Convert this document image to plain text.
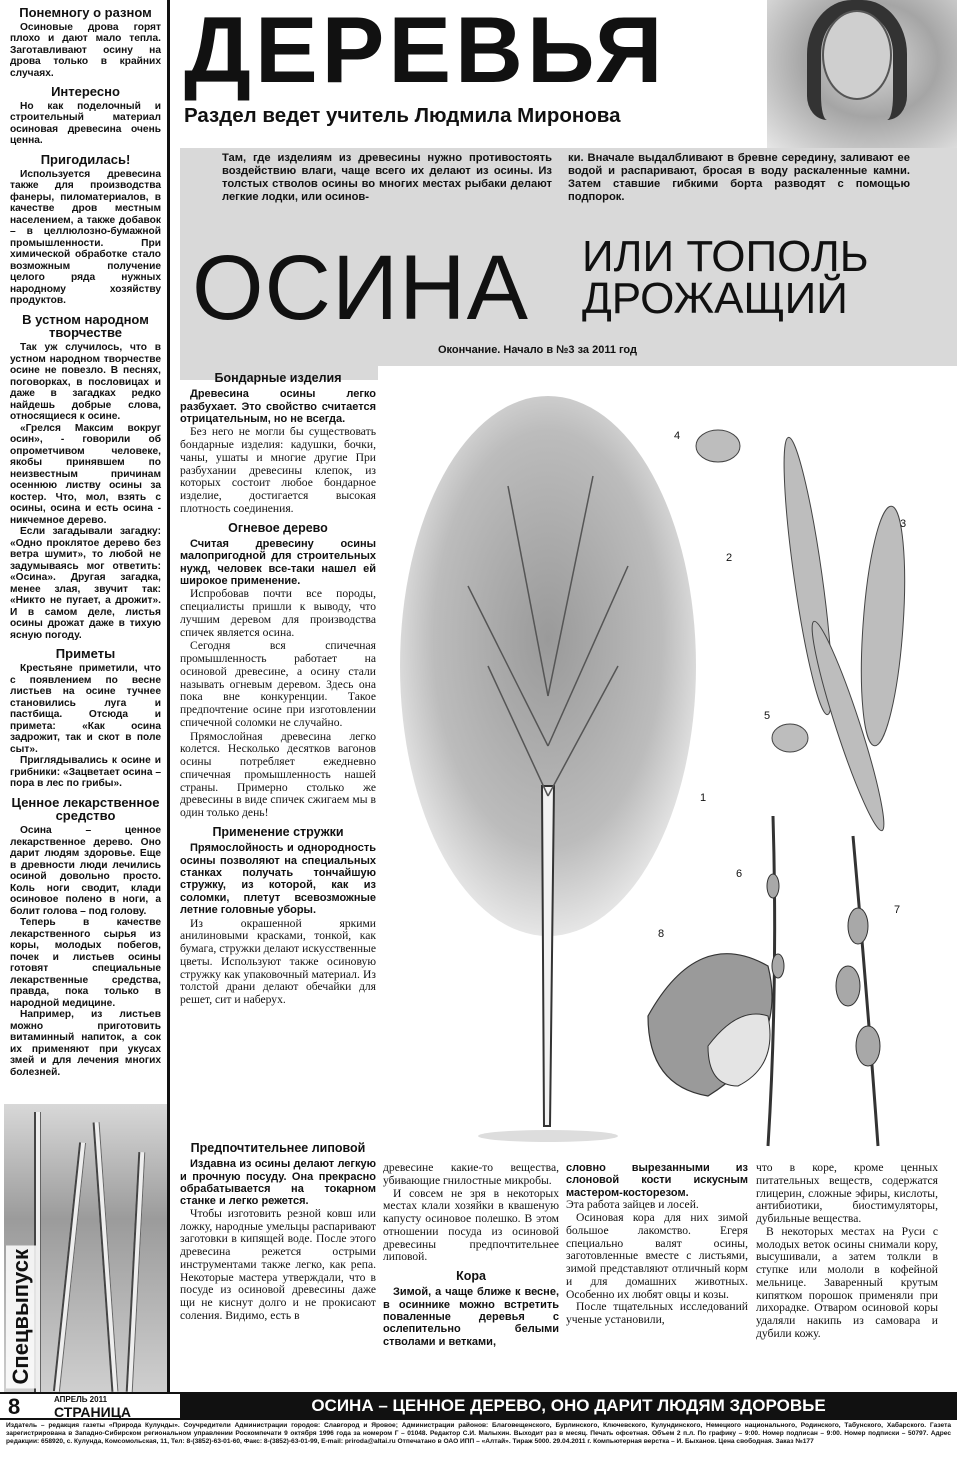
Понемногу о разном
Осиновые дрова горят плохо и дают мало тепла. Заготавливают осину на дрова только в крайних случаях.
Интересно
Но как поделочный и строительный материал осиновая древесина очень ценна.
Пригодилась!
Используется древесина также для производства фанеры, пиломатериалов, в качестве дров местным населением, а также добавок – в целлюлозно-бумажной промышленности. При химической обработке стало возможным получение целого ряда нужных народному хозяйству продуктов.
В устном народном творчестве
Так уж случилось, что в устном народном творчестве осине не повезло. В песнях, поговорках, в пословицах и даже в загадках редко найдешь добрые слова, относящиеся к осине.
«Грелся Максим вокруг осин», - говорили об опрометчивом человеке, якобы принявшем по неизвестным причинам осеннюю листву осины за костер. Что, мол, взять с осины, осина и есть осина - никчемное дерево.
Если загадывали загадку: «Одно проклятое дерево без ветра шумит», то любой не задумываясь мог ответить: «Осина». Другая загадка, менее злая, звучит так: «Никто не пугает, а дрожит». И в самом деле, листья осины дрожат даже в тихую ясную погоду.
Приметы
Крестьяне приметили, что с появлением по весне листьев на осине тучнее становились луга и пастбища. Отсюда и примета: «Как осина задрожит, так и скот в поле сыт».
Приглядывались к осине и грибники: «Зацветает осина – пора в лес по грибы».
Ценное лекарственное средство
Осина – ценное лекарственное дерево. Оно дарит людям здоровье. Еще в древности люди лечились осиной довольно просто. Коль ноги сводит, клади осиновое полено в ноги, а болит голова – под голову.
Теперь в качестве лекарственного сырья из коры, молодых побегов, почек и листьев осины готовят специальные лекарственные средства, правда, пока только в народной медицине.
Например, из листьев можно приготовить витаминный напиток, а сок их применяют при укусах змей и для лечения многих болезней.
Спецвыпуск
ДЕРЕВЬЯ
Раздел ведет учитель Людмила Миронова
Там, где изделиям из древесины нужно противостоять воздействию влаги, чаще всего их делают из осины. Из толстых стволов осины во многих местах рыбаки делают легкие лодки, или осинов-
ки. Вначале выдалбливают в бревне середину, заливают ее водой и распаривают, бросая в воду раскаленные камни. Затем ставшие гибкими борта разводят с помощью подпорок.
ОСИНА ИЛИ ТОПОЛЬ
ДРОЖАЩИЙ
Окончание. Начало в №3 за 2011 год
Бондарные изделия
Древесина осины легко разбухает. Это свойство считается отрицательным, но не всегда.
Без него не могли бы существовать бондарные изделия: кадушки, бочки, чаны, ушаты и многие другие При разбухании древесины клепок, из которых состоит любое бондарное изделие, достигается высокая плотность соединения.
Огневое дерево
Считая древесину осины малопригодной для строительных нужд, человек все-таки нашел ей широкое применение.
Испробовав почти все породы, специалисты пришли к выводу, что лучшим деревом для производства спичек является осина.
Сегодня вся спичечная промышленность работает на осиновой древесине, а осину стали называть огневым деревом. Здесь она пока вне конкуренции. Такое предпочтение осине при изготовлении спичечной соломки не случайно.
Прямослойная древесина легко колется. Несколько десятков вагонов осины потребляет ежедневно спичечная промышленность нашей страны. Примерно столько же древесины в виде спичек сжигаем мы в один только день!
Применение стружки
Прямослойность и однородность осины позволяют на специальных станках получать тончайшую стружку, из которой, как из соломки, плетут всевозможные летние головные уборы.
Из окрашенной яркими анилиновыми красками, тонкой, как бумага, стружки делают искусственные цветы. Используют также осиновую стружку как упаковочный материал. Из толстой драни делают обечайки для решет, сит и наберух.
4
2
3
5
1
6
7
8
Предпочтительнее липовой
Издавна из осины делают легкую и прочную посуду. Она прекрасно обрабатывается на токарном станке и легко режется.
Чтобы изготовить резной ковш или ложку, народные умельцы распаривают заготовки в кипящей воде. После этого древесина режется острыми инструментами также легко, как репа. Некоторые мастера утверждали, что в посуде из осиновой древесины даже щи не киснут долго и не прокисают соления. Видимо, есть в
древесине какие-то вещества, убивающие гнилостные микробы.
И совсем не зря в некоторых местах клали хозяйки в квашеную капусту осиновое полешко. В этом отношении посуда из осиновой древесины предпочтительнее липовой.
Кора
Зимой, а чаще ближе к весне, в осиннике можно встретить поваленные деревья с ослепительно белыми стволами и ветками,
словно вырезанными из слоновой кости искусным мастером-косторезом.
Эта работа зайцев и лосей.
Осиновая кора для них зимой большое лакомство. Егеря специально валят осины, заготовленные вместе с листьями, зимой представляют отличный корм и для домашних животных. Особенно их любят овцы и козы.
После тщательных исследований ученые установили,
что в коре, кроме ценных питательных веществ, содержатся глицерин, сложные эфиры, кислоты, антибиотики, биостимуляторы, дубильные вещества.
В некоторых местах на Руси с молодых веток осины снимали кору, высушивали, а затем толкли в ступке или мололи в кофейной мельнице. Заваренный крутым кипятком порошок применяли при лихорадке. Отваром осиновой коры удаляли накипь из самовара и дубили кожу.
8	АПРЕЛЬ 2011
СТРАНИЦА	ОСИНА – ЦЕННОЕ ДЕРЕВО, ОНО ДАРИТ ЛЮДЯМ ЗДОРОВЬЕ
Издатель – редакция газеты «Природа Кулунды». Соучредители Администрации городов: Славгород и Яровое; Администрации районов: Благовещенского, Бурлинского, Ключевского, Кулундинского, Немецкого национального, Родинского, Табунского, Хабарского. Газета зарегистрирована в Западно-Сибирском региональном управлении Роскомпечати 9 октября 1996 года за номером Г – 01048. Редактор С.И. Малыхин. Выходит раз в месяц. Печать офсетная. Объем 2 п.л. По графику – 9:00. Номер подписан – 9:00. Номер подписки – 50797. Адрес редакции: 658920, с. Кулунда, Комсомольская, 11, Тел: 8-(3852)-63-01-60, Факс: 8-(3852)-63-01-99, E-mail: priroda@altai.ru Отпечатано в ОАО ИПП – «Алтай». Тираж 5000. 29.04.2011 г. Компьютерная верстка – И. Быханов. Цена свободная. Заказ №177
